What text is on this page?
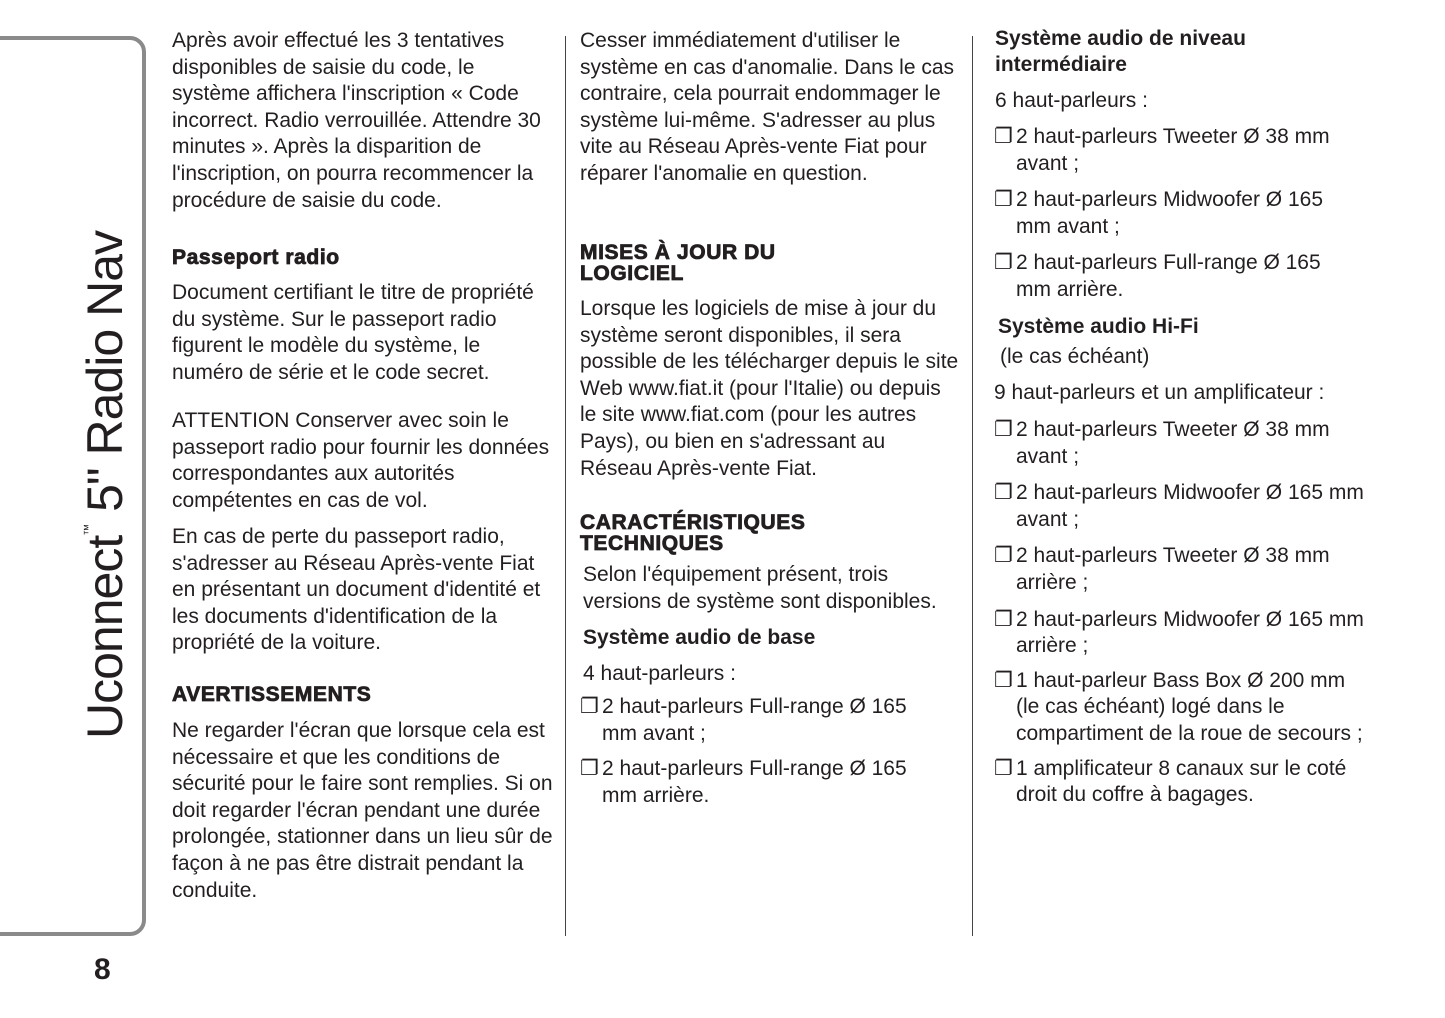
Uconnect™ 5" Radio Nav
8
Après avoir effectué les 3 tentatives disponibles de saisie du code, le système affichera l'inscription « Code incorrect. Radio verrouillée. Attendre 30 minutes ». Après la disparition de l'inscription, on pourra recommencer la procédure de saisie du code.
Passeport radio
Document certifiant le titre de propriété du système. Sur le passeport radio figurent le modèle du système, le numéro de série et le code secret.
ATTENTION Conserver avec soin le passeport radio pour fournir les données correspondantes aux autorités compétentes en cas de vol.
En cas de perte du passeport radio, s'adresser au Réseau Après-vente Fiat en présentant un document d'identité et les documents d'identification de la propriété de la voiture.
AVERTISSEMENTS
Ne regarder l'écran que lorsque cela est nécessaire et que les conditions de sécurité pour le faire sont remplies. Si on doit regarder l'écran pendant une durée prolongée, stationner dans un lieu sûr de façon à ne pas être distrait pendant la conduite.
Cesser immédiatement d'utiliser le système en cas d'anomalie. Dans le cas contraire, cela pourrait endommager le système lui-même. S'adresser au plus vite au Réseau Après-vente Fiat pour réparer l'anomalie en question.
MISES À JOUR DU LOGICIEL
Lorsque les logiciels de mise à jour du système seront disponibles, il sera possible de les télécharger depuis le site Web www.fiat.it (pour l'Italie) ou depuis le site www.fiat.com (pour les autres Pays), ou bien en s'adressant au Réseau Après-vente Fiat.
CARACTÉRISTIQUES TECHNIQUES
Selon l'équipement présent, trois versions de système sont disponibles.
Système audio de base
4 haut-parleurs :
❐ 2 haut-parleurs Full-range Ø 165 mm avant ;
❐ 2 haut-parleurs Full-range Ø 165 mm arrière.
Système audio de niveau intermédiaire
6 haut-parleurs :
❐ 2 haut-parleurs Tweeter Ø 38 mm avant ;
❐ 2 haut-parleurs Midwoofer Ø 165 mm avant ;
❐ 2 haut-parleurs Full-range Ø 165 mm arrière.
Système audio Hi-Fi
(le cas échéant)
9 haut-parleurs et un amplificateur :
❐ 2 haut-parleurs Tweeter Ø 38 mm avant ;
❐ 2 haut-parleurs Midwoofer Ø 165 mm avant ;
❐ 2 haut-parleurs Tweeter Ø 38 mm arrière ;
❐ 2 haut-parleurs Midwoofer Ø 165 mm arrière ;
❐ 1 haut-parleur Bass Box Ø 200 mm (le cas échéant) logé dans le compartiment de la roue de secours ;
❐ 1 amplificateur 8 canaux sur le coté droit du coffre à bagages.
